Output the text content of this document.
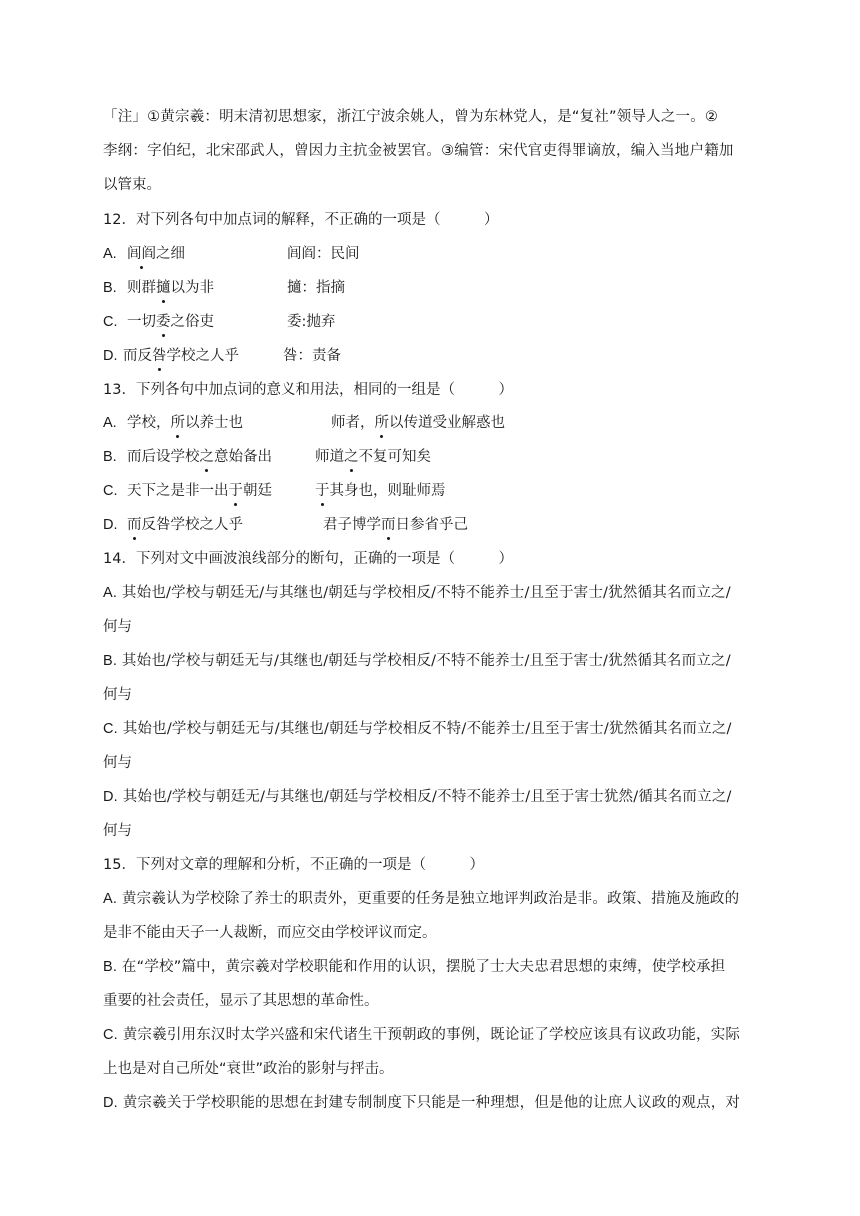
「注」①黄宗羲：明末清初思想家，浙江宁波余姚人，曾为东林党人，是“复社”领导人之一。②
李纲：字伯纪，北宋邵武人，曾因力主抗金被罢官。③编管：宋代官吏得罪谪放，编入当地户籍加
以管束。
12．对下列各句中加点词的解释，不正确的一项是（　　　）
A. 闾阎之细	闾阎：民间
B. 则群擿以为非	擿：指摘
C. 一切委之俗吏	委:抛弃
D. 而反咎学校之人乎	咎：责备
13．下列各句中加点词的意义和用法，相同的一组是（　　　）
A. 学校，所以养士也	师者，所以传道受业解惑也
B. 而后设学校之意始备出	师道之不复可知矣
C. 天下之是非一出于朝廷	于其身也，则耻师焉
D. 而反咎学校之人乎	君子博学而日参省乎己
14．下列对文中画波浪线部分的断句，正确的一项是（　　　）
A. 其始也/学校与朝廷无/与其继也/朝廷与学校相反/不特不能养士/且至于害士/犹然循其名而立之/
何与
B. 其始也/学校与朝廷无与/其继也/朝廷与学校相反/不特不能养士/且至于害士/犹然循其名而立之/
何与
C. 其始也/学校与朝廷无与/其继也/朝廷与学校相反不特/不能养士/且至于害士/犹然循其名而立之/
何与
D. 其始也/学校与朝廷无/与其继也/朝廷与学校相反/不特不能养士/且至于害士犹然/循其名而立之/
何与
15．下列对文章的理解和分析，不正确的一项是（　　　）
A. 黄宗羲认为学校除了养士的职责外，更重要的任务是独立地评判政治是非。政策、措施及施政的
是非不能由天子一人裁断，而应交由学校评议而定。
B. 在“学校”篇中，黄宗羲对学校职能和作用的认识，摆脱了士大夫忠君思想的束缚，使学校承担
重要的社会责任，显示了其思想的革命性。
C. 黄宗羲引用东汉时太学兴盛和宋代诸生干预朝政的事例，既论证了学校应该具有议政功能，实际
上也是对自己所处“衰世”政治的影射与抨击。
D. 黄宗羲关于学校职能的思想在封建专制制度下只能是一种理想，但是他的让庶人议政的观点，对
